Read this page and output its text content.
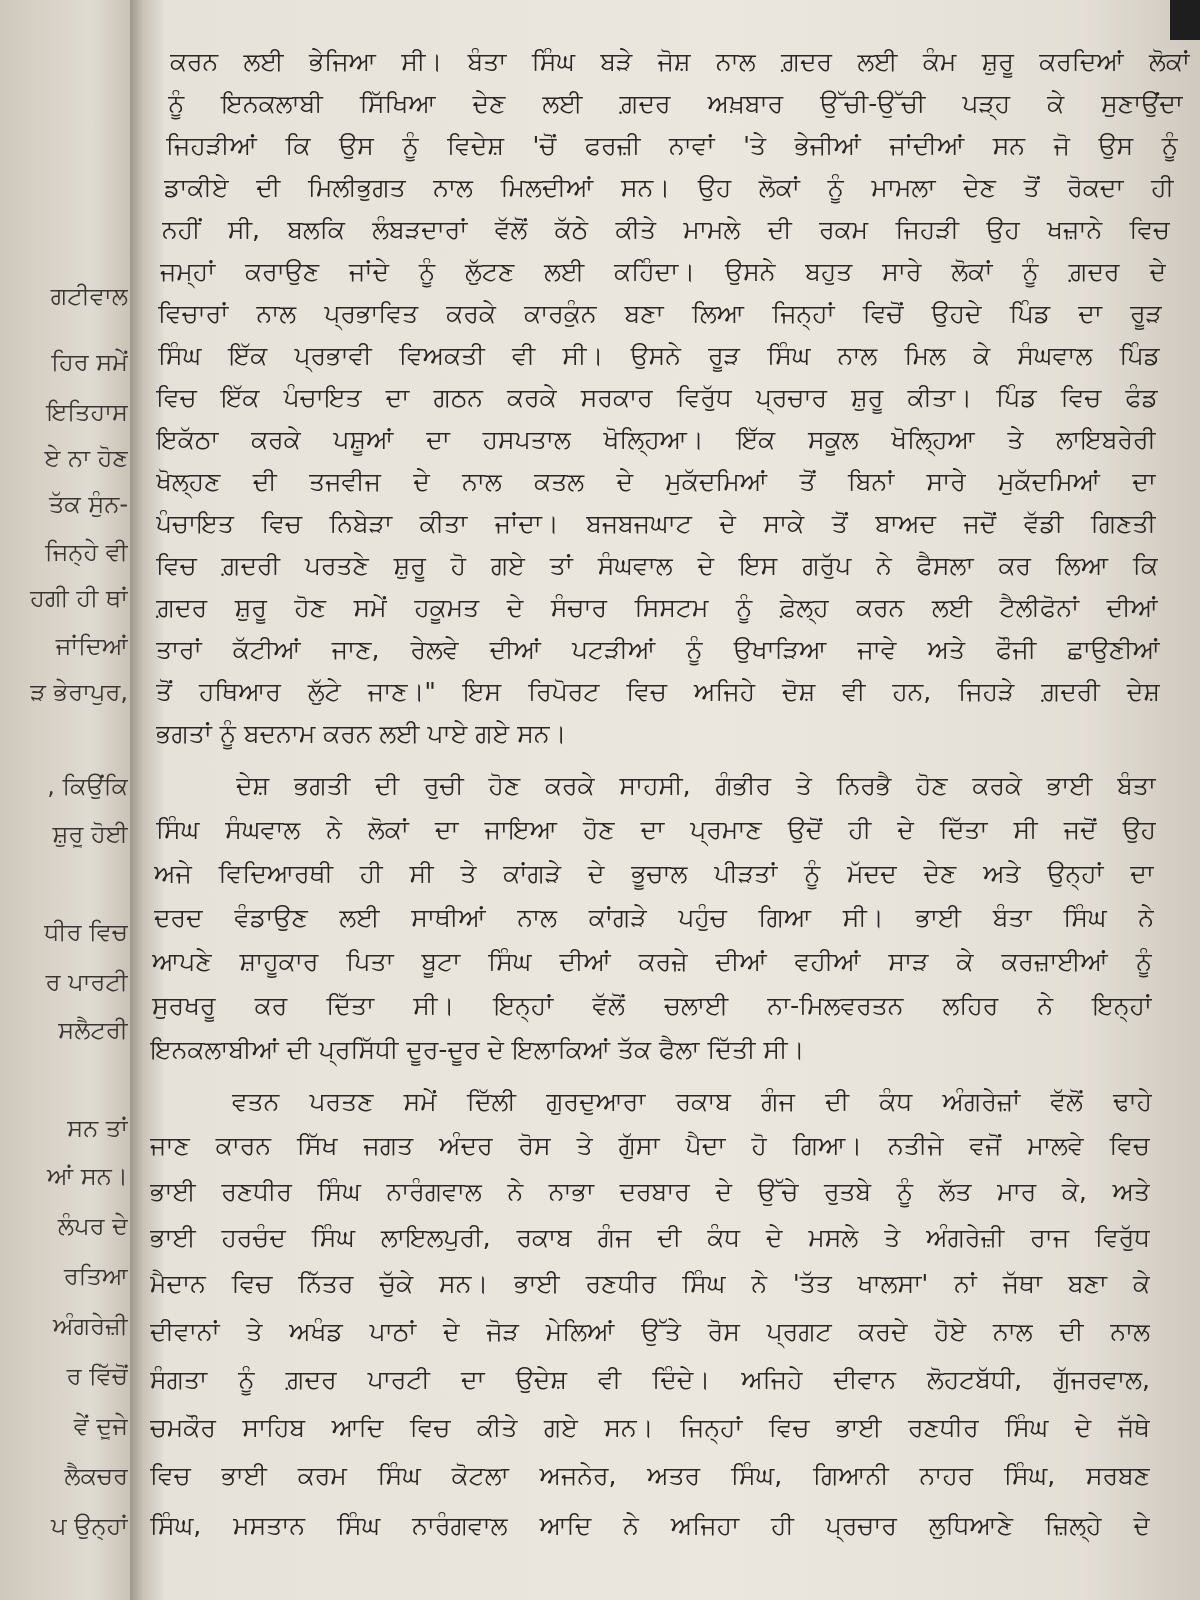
ਗਟੀਵਾਲ
ਹਿਰ ਸਮੇਂ
ਇਤਿਹਾਸ
ਏ ਨਾ ਹੋਣ
ਤੱਕ ਸੁੰਨ-
ਜਿਨ੍ਹੇ ਵੀ
ਹਗੀ ਹੀ ਥਾਂ
ਜਾਂਦਿਆਂ
ੜ ਭੇਰਾਪੁਰ,
, ਕਿਉਂਕਿ
ਸ਼ੁਰੂ ਹੋਈ
ਧੀਰ ਵਿਚ
ਰ ਪਾਰਟੀ
ਸਲੈਟਰੀ
ਸਨ ਤਾਂ
ਆਂ ਸਨ।
ਲੰਪਰ ਦੇ
ਰਤਿਆ
ਅੰਗਰੇਜ਼ੀ
ਰ ਵਿੱਚੋਂ
ਵੇਂ ਦੂਜੇ
ਲੈਕਚਰ
ਪ ਉਨ੍ਹਾਂ
ਕਰਨ ਲਈ ਭੇਜਿਆ ਸੀ। ਬੰਤਾ ਸਿੰਘ ਬੜੇ ਜੋਸ਼ ਨਾਲ ਗ਼ਦਰ ਲਈ ਕੰਮ ਸ਼ੁਰੂ ਕਰਦਿਆਂ ਲੋਕਾਂ
ਨੂੰ ਇਨਕਲਾਬੀ ਸਿੱਖਿਆ ਦੇਣ ਲਈ ਗ਼ਦਰ ਅਖ਼ਬਾਰ ਉੱਚੀ-ਉੱਚੀ ਪੜ੍ਹ ਕੇ ਸੁਣਾਉਂਦਾ
ਜਿਹੜੀਆਂ ਕਿ ਉਸ ਨੂੰ ਵਿਦੇਸ਼ 'ਚੋਂ ਫਰਜ਼ੀ ਨਾਵਾਂ 'ਤੇ ਭੇਜੀਆਂ ਜਾਂਦੀਆਂ ਸਨ ਜੋ ਉਸ ਨੂੰ
ਡਾਕੀਏ ਦੀ ਮਿਲੀਭੁਗਤ ਨਾਲ ਮਿਲਦੀਆਂ ਸਨ। ਉਹ ਲੋਕਾਂ ਨੂੰ ਮਾਮਲਾ ਦੇਣ ਤੋਂ ਰੋਕਦਾ ਹੀ
ਨਹੀਂ ਸੀ, ਬਲਕਿ ਲੰਬੜਦਾਰਾਂ ਵੱਲੋਂ ਕੱਠੇ ਕੀਤੇ ਮਾਮਲੇ ਦੀ ਰਕਮ ਜਿਹੜੀ ਉਹ ਖਜ਼ਾਨੇ ਵਿਚ
ਜਮ੍ਹਾਂ ਕਰਾਉਣ ਜਾਂਦੇ ਨੂੰ ਲੁੱਟਣ ਲਈ ਕਹਿੰਦਾ। ਉਸਨੇ ਬਹੁਤ ਸਾਰੇ ਲੋਕਾਂ ਨੂੰ ਗ਼ਦਰ ਦੇ
ਵਿਚਾਰਾਂ ਨਾਲ ਪ੍ਰਭਾਵਿਤ ਕਰਕੇ ਕਾਰਕੁੰਨ ਬਣਾ ਲਿਆ ਜਿਨ੍ਹਾਂ ਵਿਚੋਂ ਉਹਦੇ ਪਿੰਡ ਦਾ ਰੂੜ
ਸਿੰਘ ਇੱਕ ਪ੍ਰਭਾਵੀ ਵਿਅਕਤੀ ਵੀ ਸੀ। ਉਸਨੇ ਰੂੜ ਸਿੰਘ ਨਾਲ ਮਿਲ ਕੇ ਸੰਘਵਾਲ ਪਿੰਡ
ਵਿਚ ਇੱਕ ਪੰਚਾਇਤ ਦਾ ਗਠਨ ਕਰਕੇ ਸਰਕਾਰ ਵਿਰੁੱਧ ਪ੍ਰਚਾਰ ਸ਼ੁਰੂ ਕੀਤਾ। ਪਿੰਡ ਵਿਚ ਫੰਡ
ਇਕੱਠਾ ਕਰਕੇ ਪਸ਼ੂਆਂ ਦਾ ਹਸਪਤਾਲ ਖੋਲ੍ਹਿਆ। ਇੱਕ ਸਕੂਲ ਖੋਲ੍ਹਿਆ ਤੇ ਲਾਇਬਰੇਰੀ
ਖੋਲ੍ਹਣ ਦੀ ਤਜਵੀਜ ਦੇ ਨਾਲ ਕਤਲ ਦੇ ਮੁਕੱਦਮਿਆਂ ਤੋਂ ਬਿਨਾਂ ਸਾਰੇ ਮੁਕੱਦਮਿਆਂ ਦਾ
ਪੰਚਾਇਤ ਵਿਚ ਨਿਬੇੜਾ ਕੀਤਾ ਜਾਂਦਾ। ਬਜਬਜਘਾਟ ਦੇ ਸਾਕੇ ਤੋਂ ਬਾਅਦ ਜਦੋਂ ਵੱਡੀ ਗਿਣਤੀ
ਵਿਚ ਗ਼ਦਰੀ ਪਰਤਣੇ ਸ਼ੁਰੂ ਹੋ ਗਏ ਤਾਂ ਸੰਘਵਾਲ ਦੇ ਇਸ ਗਰੁੱਪ ਨੇ ਫੈਸਲਾ ਕਰ ਲਿਆ ਕਿ
ਗ਼ਦਰ ਸ਼ੁਰੂ ਹੋਣ ਸਮੇਂ ਹਕੂਮਤ ਦੇ ਸੰਚਾਰ ਸਿਸਟਮ ਨੂੰ ਫ਼ੇਲ੍ਹ ਕਰਨ ਲਈ ਟੈਲੀਫੋਨਾਂ ਦੀਆਂ
ਤਾਰਾਂ ਕੱਟੀਆਂ ਜਾਣ, ਰੇਲਵੇ ਦੀਆਂ ਪਟੜੀਆਂ ਨੂੰ ਉਖਾੜਿਆ ਜਾਵੇ ਅਤੇ ਫੌਜੀ ਛਾਉਣੀਆਂ
ਤੋਂ ਹਥਿਆਰ ਲੁੱਟੇ ਜਾਣ।" ਇਸ ਰਿਪੋਰਟ ਵਿਚ ਅਜਿਹੇ ਦੋਸ਼ ਵੀ ਹਨ, ਜਿਹੜੇ ਗ਼ਦਰੀ ਦੇਸ਼
ਭਗਤਾਂ ਨੂੰ ਬਦਨਾਮ ਕਰਨ ਲਈ ਪਾਏ ਗਏ ਸਨ।
ਦੇਸ਼ ਭਗਤੀ ਦੀ ਰੁਚੀ ਹੋਣ ਕਰਕੇ ਸਾਹਸੀ, ਗੰਭੀਰ ਤੇ ਨਿਰਭੈ ਹੋਣ ਕਰਕੇ ਭਾਈ ਬੰਤਾ
ਸਿੰਘ ਸੰਘਵਾਲ ਨੇ ਲੋਕਾਂ ਦਾ ਜਾਇਆ ਹੋਣ ਦਾ ਪ੍ਰਮਾਣ ਉਦੋਂ ਹੀ ਦੇ ਦਿੱਤਾ ਸੀ ਜਦੋਂ ਉਹ
ਅਜੇ ਵਿਦਿਆਰਥੀ ਹੀ ਸੀ ਤੇ ਕਾਂਗੜੇ ਦੇ ਭੂਚਾਲ ਪੀੜਤਾਂ ਨੂੰ ਮੱਦਦ ਦੇਣ ਅਤੇ ਉਨ੍ਹਾਂ ਦਾ
ਦਰਦ ਵੰਡਾਉਣ ਲਈ ਸਾਥੀਆਂ ਨਾਲ ਕਾਂਗੜੇ ਪਹੁੰਚ ਗਿਆ ਸੀ। ਭਾਈ ਬੰਤਾ ਸਿੰਘ ਨੇ
ਆਪਣੇ ਸ਼ਾਹੂਕਾਰ ਪਿਤਾ ਬੂਟਾ ਸਿੰਘ ਦੀਆਂ ਕਰਜ਼ੇ ਦੀਆਂ ਵਹੀਆਂ ਸਾੜ ਕੇ ਕਰਜ਼ਾਈਆਂ ਨੂੰ
ਸੁਰਖਰੂ ਕਰ ਦਿੱਤਾ ਸੀ। ਇਨ੍ਹਾਂ ਵੱਲੋਂ ਚਲਾਈ ਨਾ-ਮਿਲਵਰਤਨ ਲਹਿਰ ਨੇ ਇਨ੍ਹਾਂ
ਇਨਕਲਾਬੀਆਂ ਦੀ ਪ੍ਰਸਿੱਧੀ ਦੂਰ-ਦੂਰ ਦੇ ਇਲਾਕਿਆਂ ਤੱਕ ਫੈਲਾ ਦਿੱਤੀ ਸੀ।
ਵਤਨ ਪਰਤਣ ਸਮੇਂ ਦਿੱਲੀ ਗੁਰਦੁਆਰਾ ਰਕਾਬ ਗੰਜ ਦੀ ਕੰਧ ਅੰਗਰੇਜ਼ਾਂ ਵੱਲੋਂ ਢਾਹੇ
ਜਾਣ ਕਾਰਨ ਸਿੱਖ ਜਗਤ ਅੰਦਰ ਰੋਸ ਤੇ ਗੁੱਸਾ ਪੈਦਾ ਹੋ ਗਿਆ। ਨਤੀਜੇ ਵਜੋਂ ਮਾਲਵੇ ਵਿਚ
ਭਾਈ ਰਣਧੀਰ ਸਿੰਘ ਨਾਰੰਗਵਾਲ ਨੇ ਨਾਭਾ ਦਰਬਾਰ ਦੇ ਉੱਚੇ ਰੁਤਬੇ ਨੂੰ ਲੱਤ ਮਾਰ ਕੇ, ਅਤੇ
ਭਾਈ ਹਰਚੰਦ ਸਿੰਘ ਲਾਇਲਪੁਰੀ, ਰਕਾਬ ਗੰਜ ਦੀ ਕੰਧ ਦੇ ਮਸਲੇ ਤੇ ਅੰਗਰੇਜ਼ੀ ਰਾਜ ਵਿਰੁੱਧ
ਮੈਦਾਨ ਵਿਚ ਨਿੱਤਰ ਚੁੱਕੇ ਸਨ। ਭਾਈ ਰਣਧੀਰ ਸਿੰਘ ਨੇ 'ਤੱਤ ਖਾਲਸਾ' ਨਾਂ ਜੱਥਾ ਬਣਾ ਕੇ
ਦੀਵਾਨਾਂ ਤੇ ਅਖੰਡ ਪਾਠਾਂ ਦੇ ਜੋੜ ਮੇਲਿਆਂ ਉੱਤੇ ਰੋਸ ਪ੍ਰਗਟ ਕਰਦੇ ਹੋਏ ਨਾਲ ਦੀ ਨਾਲ
ਸੰਗਤਾ ਨੂੰ ਗ਼ਦਰ ਪਾਰਟੀ ਦਾ ਉਦੇਸ਼ ਵੀ ਦਿੰਦੇ। ਅਜਿਹੇ ਦੀਵਾਨ ਲੋਹਟਬੱਧੀ, ਗੁੱਜਰਵਾਲ,
ਚਮਕੌਰ ਸਾਹਿਬ ਆਦਿ ਵਿਚ ਕੀਤੇ ਗਏ ਸਨ। ਜਿਨ੍ਹਾਂ ਵਿਚ ਭਾਈ ਰਣਧੀਰ ਸਿੰਘ ਦੇ ਜੱਥੇ
ਵਿਚ ਭਾਈ ਕਰਮ ਸਿੰਘ ਕੋਟਲਾ ਅਜਨੇਰ, ਅਤਰ ਸਿੰਘ, ਗਿਆਨੀ ਨਾਹਰ ਸਿੰਘ, ਸਰਬਣ
ਸਿੰਘ, ਮਸਤਾਨ ਸਿੰਘ ਨਾਰੰਗਵਾਲ ਆਦਿ ਨੇ ਅਜਿਹਾ ਹੀ ਪ੍ਰਚਾਰ ਲੁਧਿਆਣੇ ਜ਼ਿਲ੍ਹੇ ਦੇ
